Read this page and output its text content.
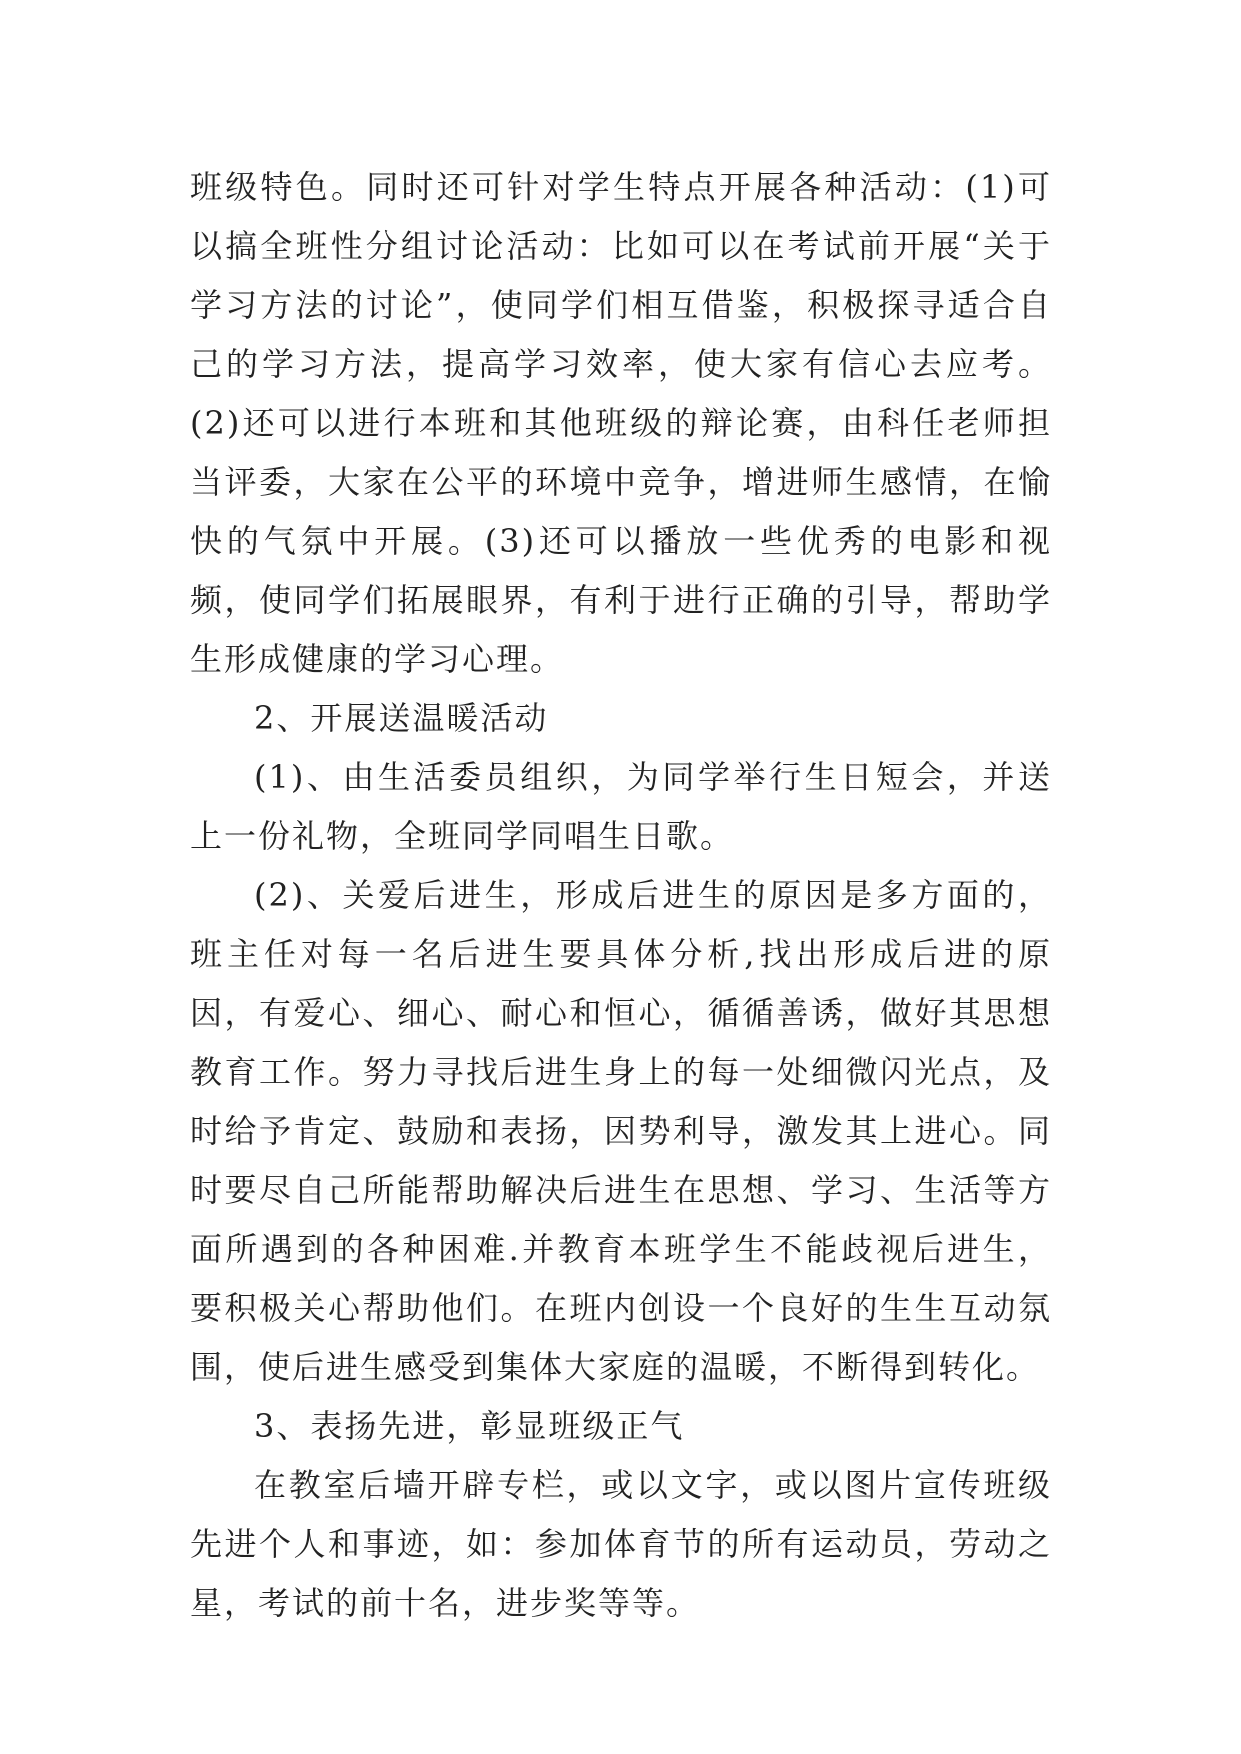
班级特色。同时还可针对学生特点开展各种活动：(1)可以搞全班性分组讨论活动：比如可以在考试前开展“关于学习方法的讨论”，使同学们相互借鉴，积极探寻适合自己的学习方法，提高学习效率，使大家有信心去应考。(2)还可以进行本班和其他班级的辩论赛，由科任老师担当评委，大家在公平的环境中竞争，增进师生感情，在愉快的气氛中开展。(3)还可以播放一些优秀的电影和视频，使同学们拓展眼界，有利于进行正确的引导，帮助学生形成健康的学习心理。

2、开展送温暖活动

(1)、由生活委员组织，为同学举行生日短会，并送上一份礼物，全班同学同唱生日歌。

(2)、关爱后进生，形成后进生的原因是多方面的，班主任对每一名后进生要具体分析,找出形成后进的原因，有爱心、细心、耐心和恒心，循循善诱，做好其思想教育工作。努力寻找后进生身上的每一处细微闪光点，及时给予肯定、鼓励和表扬，因势利导，激发其上进心。同时要尽自己所能帮助解决后进生在思想、学习、生活等方面所遇到的各种困难.并教育本班学生不能歧视后进生，要积极关心帮助他们。在班内创设一个良好的生生互动氛围，使后进生感受到集体大家庭的温暖，不断得到转化。

3、表扬先进，彰显班级正气

在教室后墙开辟专栏，或以文字，或以图片宣传班级先进个人和事迹，如：参加体育节的所有运动员，劳动之星，考试的前十名，进步奖等等。
